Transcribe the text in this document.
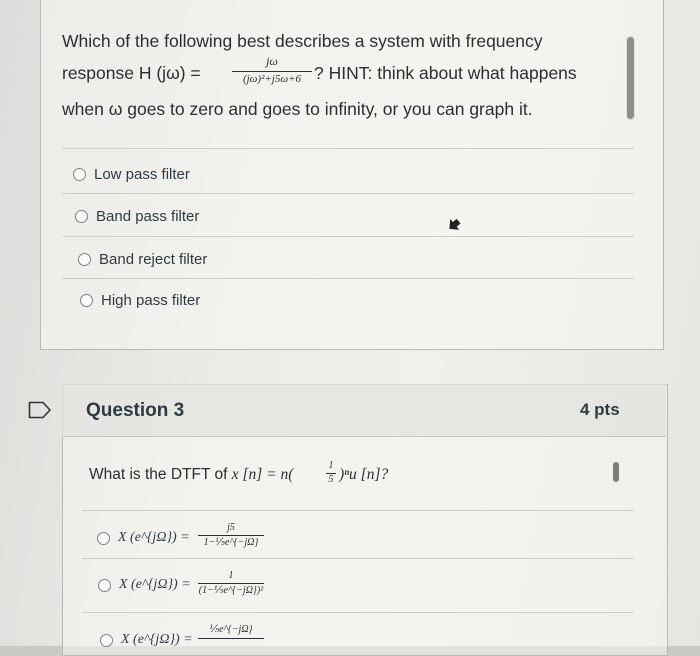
Which of the following best describes a system with frequency
response H (jω) =
jω
(jω)²+j5ω+6 ? HINT: think about what happens
when ω goes to zero and goes to infinity, or you can graph it.
Low pass filter
Band pass filter
Band reject filter
High pass filter
Question 3	4 pts
What is the DTFT of x [n] = n(
1
5 )ⁿu [n]?
X (e^{jΩ}) =
j5
1−⅕e^{−jΩ}
X (e^{jΩ}) =
1
(1−⅕e^{−jΩ})²
X (e^{jΩ}) =
⅕e^{−jΩ}
